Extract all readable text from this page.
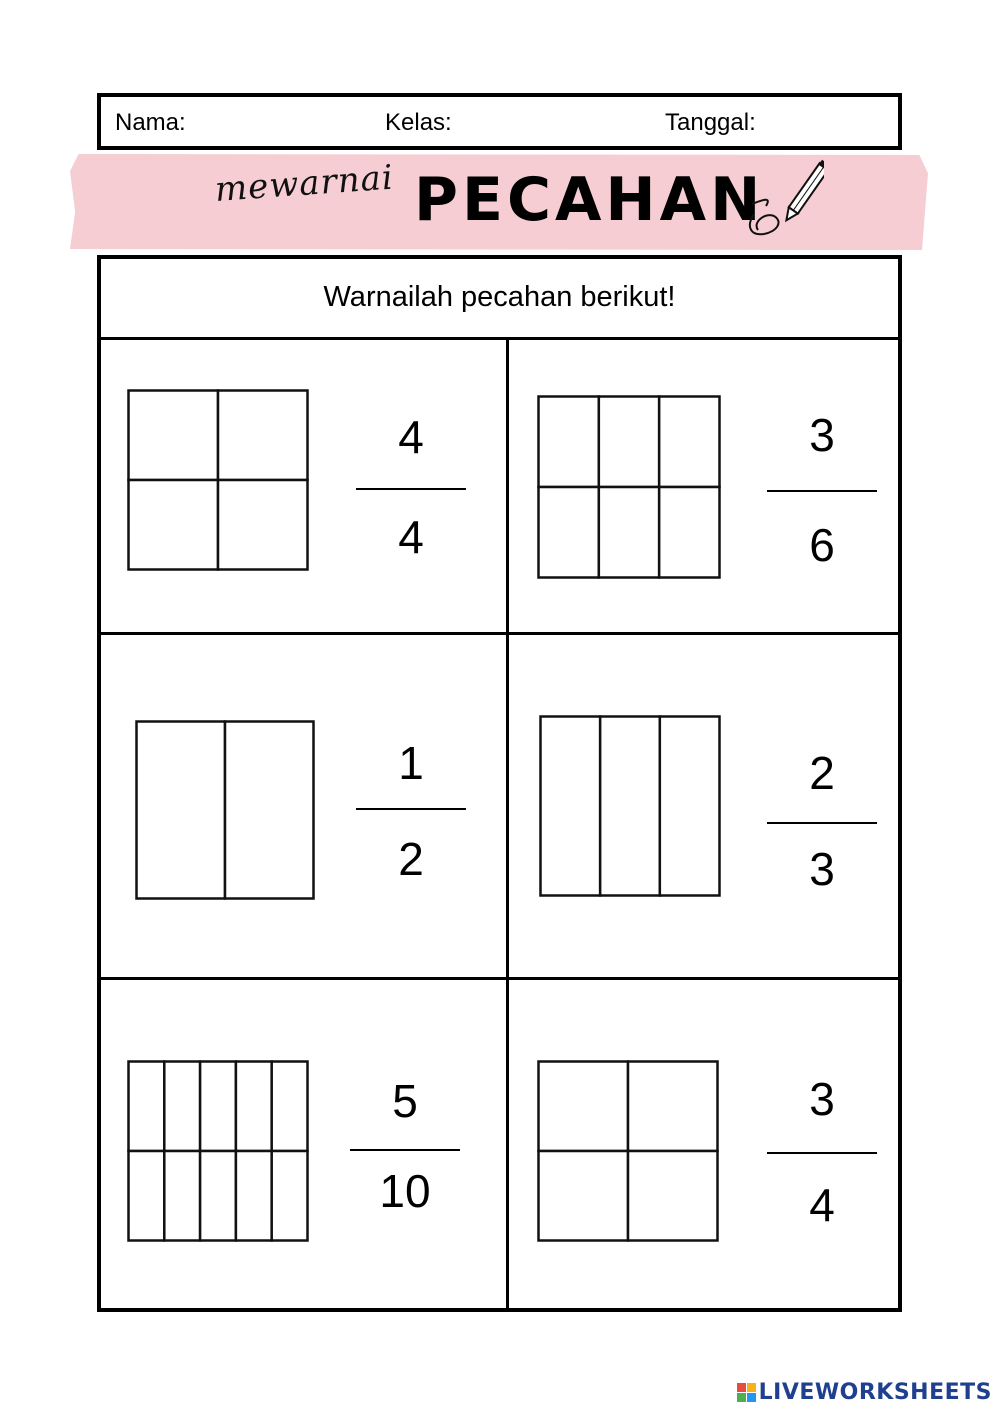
Nama:	Kelas:	Tanggal:
mewarnai PECAHAN
Warnailah pecahan berikut!
4
4
3
6
1
2
2
3
5
10
3
4
LIVEWORKSHEETS
